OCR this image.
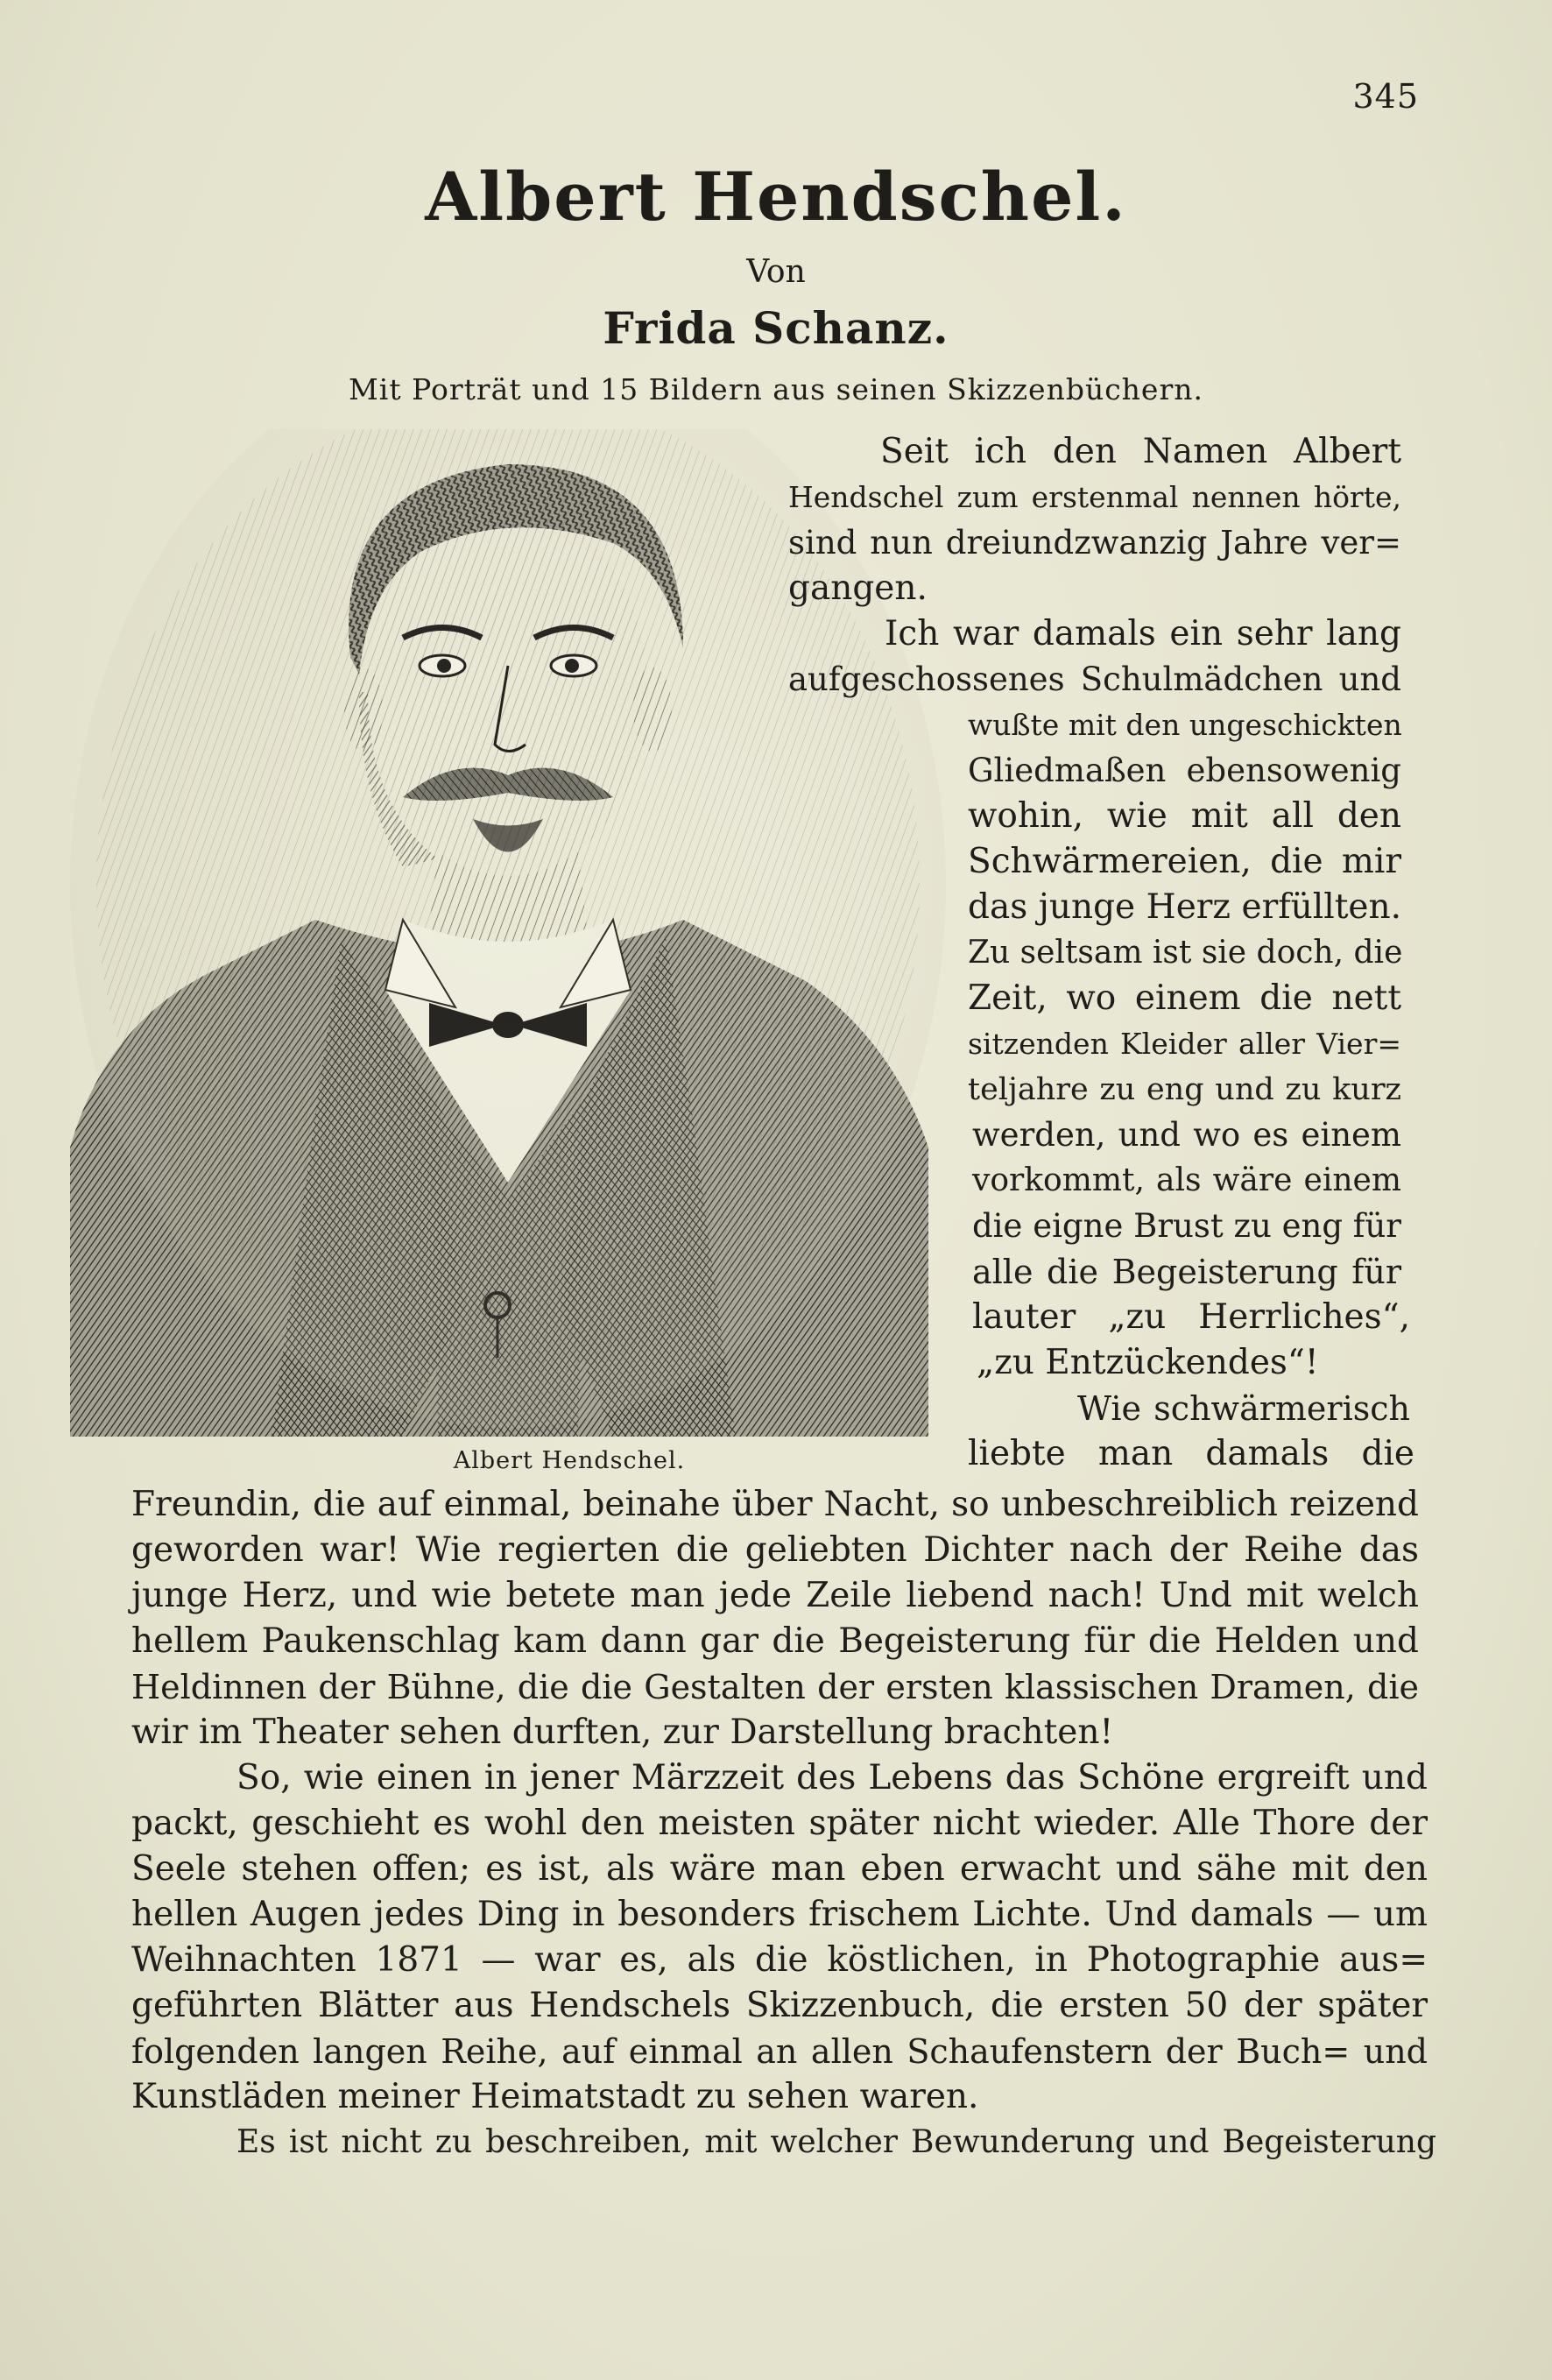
345
Albert Hendschel.
Von
Frida Schanz.
Mit Porträt und 15 Bildern aus seinen Skizzenbüchern.
Albert Hendschel.
Seit ich den Namen Albert
Hendschel zum erstenmal nennen hörte,
sind nun dreiundzwanzig Jahre ver=
gangen.
Ich war damals ein sehr lang
aufgeschossenes Schulmädchen und
wußte mit den ungeschickten
Gliedmaßen ebensowenig
wohin, wie mit all den
Schwärmereien, die mir
das junge Herz erfüllten.
Zu seltsam ist sie doch, die
Zeit, wo einem die nett
sitzenden Kleider aller Vier=
teljahre zu eng und zu kurz
werden, und wo es einem
vorkommt, als wäre einem
die eigne Brust zu eng für
alle die Begeisterung für
lauter „zu Herrliches“,
„zu Entzückendes“!
Wie schwärmerisch
liebte man damals die
Freundin, die auf einmal, beinahe über Nacht, so unbeschreiblich reizend
geworden war! Wie regierten die geliebten Dichter nach der Reihe das
junge Herz, und wie betete man jede Zeile liebend nach! Und mit welch
hellem Paukenschlag kam dann gar die Begeisterung für die Helden und
Heldinnen der Bühne, die die Gestalten der ersten klassischen Dramen, die
wir im Theater sehen durften, zur Darstellung brachten!
So, wie einen in jener Märzzeit des Lebens das Schöne ergreift und
packt, geschieht es wohl den meisten später nicht wieder. Alle Thore der
Seele stehen offen; es ist, als wäre man eben erwacht und sähe mit den
hellen Augen jedes Ding in besonders frischem Lichte. Und damals — um
Weihnachten 1871 — war es, als die köstlichen, in Photographie aus=
geführten Blätter aus Hendschels Skizzenbuch, die ersten 50 der später
folgenden langen Reihe, auf einmal an allen Schaufenstern der Buch= und
Kunstläden meiner Heimatstadt zu sehen waren.
Es ist nicht zu beschreiben, mit welcher Bewunderung und Begeisterung
